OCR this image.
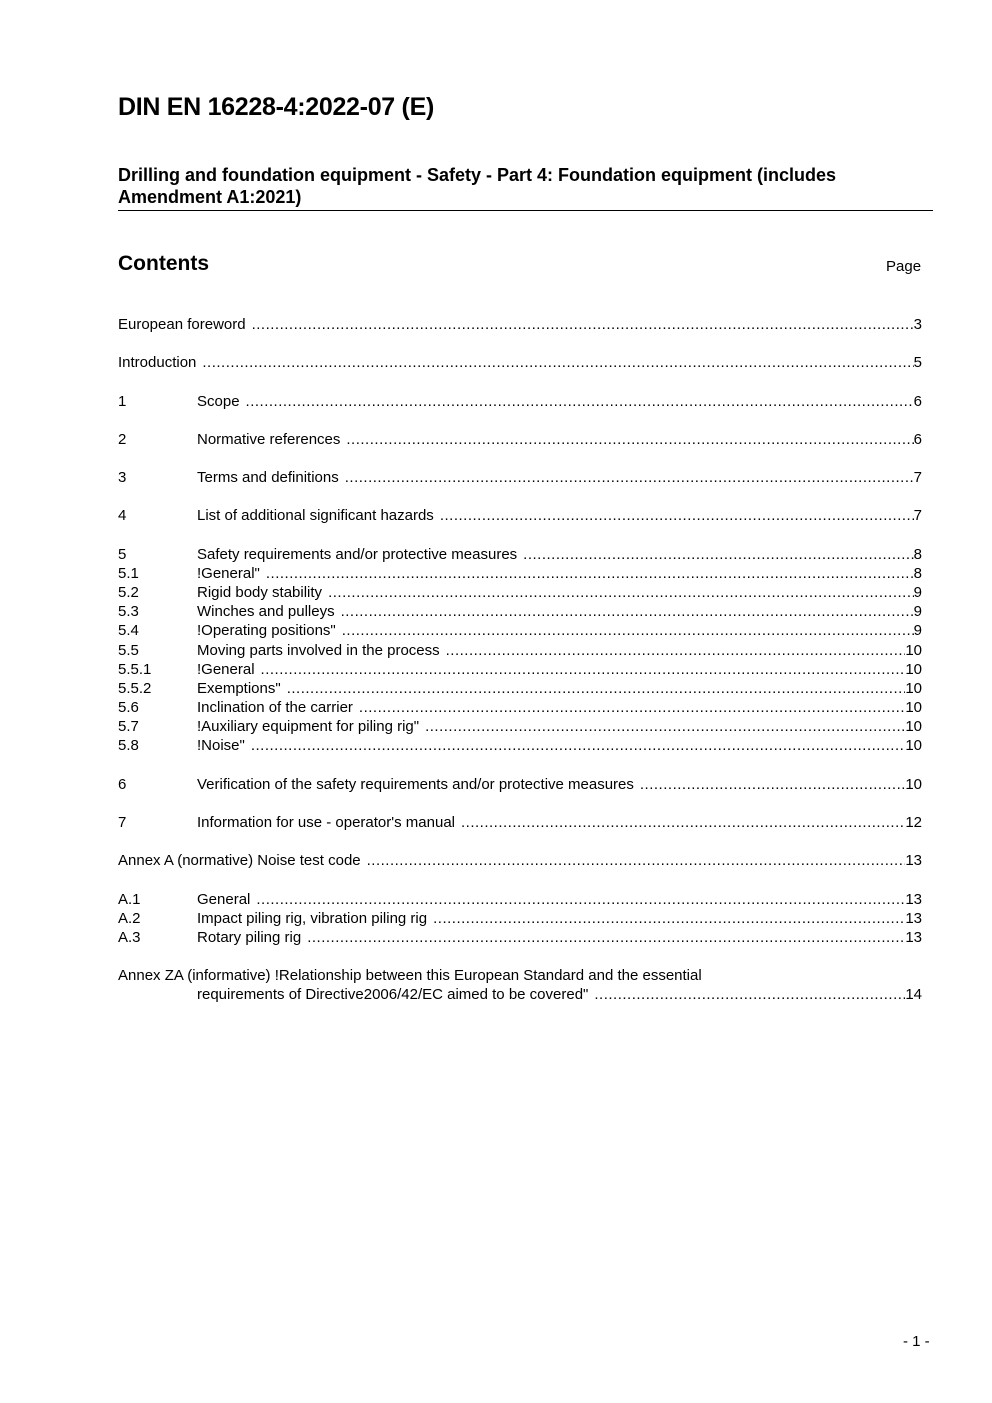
DIN EN 16228-4:2022-07 (E)
Drilling and foundation equipment - Safety - Part 4: Foundation equipment (includes Amendment A1:2021)
Contents	Page
European foreword .....	3
Introduction .....	5
1	Scope .....	6
2	Normative references .....	6
3	Terms and definitions .....	7
4	List of additional significant hazards .....	7
5	Safety requirements and/or protective measures .....	8
5.1	!General" .....	8
5.2	Rigid body stability .....	9
5.3	Winches and pulleys .....	9
5.4	!Operating positions" .....	9
5.5	Moving parts involved in the process .....	10
5.5.1	!General .....	10
5.5.2	Exemptions" .....	10
5.6	Inclination of the carrier .....	10
5.7	!Auxiliary equipment for piling rig" .....	10
5.8	!Noise" .....	10
6	Verification of the safety requirements and/or protective measures .....	10
7	Information for use - operator's manual .....	12
Annex A (normative) Noise test code .....	13
A.1	General .....	13
A.2	Impact piling rig, vibration piling rig .....	13
A.3	Rotary piling rig .....	13
Annex ZA (informative) !Relationship between this European Standard and the essential
requirements of Directive2006/42/EC aimed to be covered" .....	14
- 1 -
